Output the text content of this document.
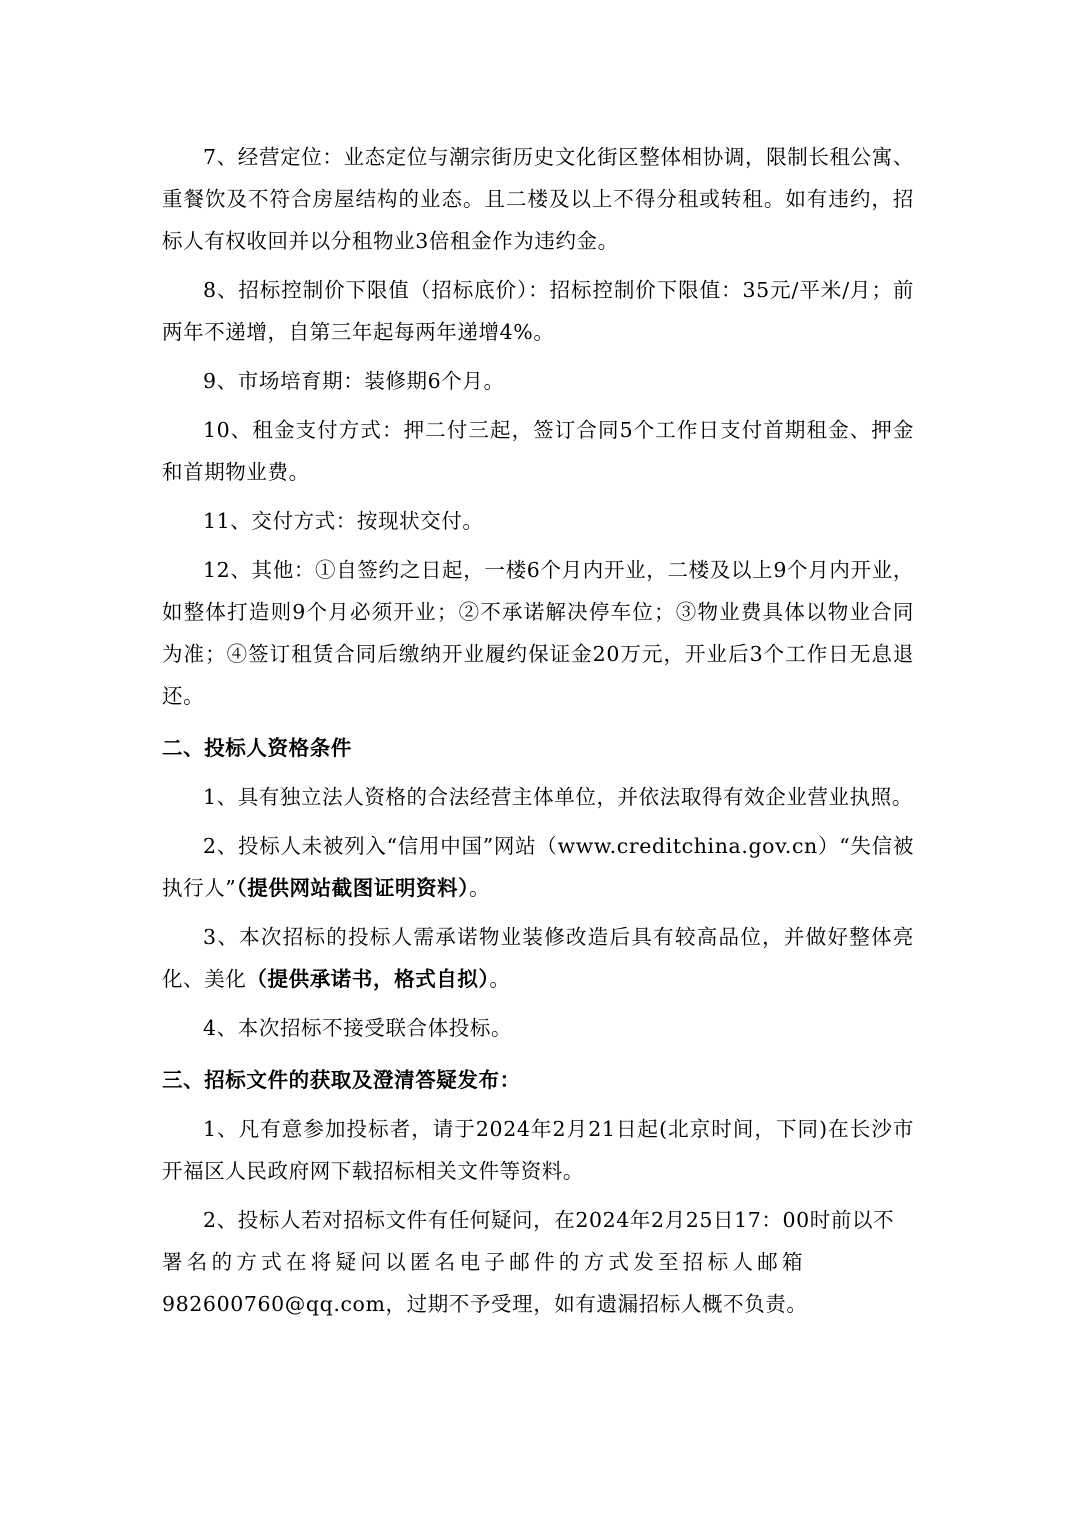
7、经营定位：业态定位与潮宗街历史文化街区整体相协调，限制长租公寓、重餐饮及不符合房屋结构的业态。且二楼及以上不得分租或转租。如有违约，招标人有权收回并以分租物业3倍租金作为违约金。

8、招标控制价下限值（招标底价）：招标控制价下限值：35元/平米/月；前两年不递增，自第三年起每两年递增4%。

9、市场培育期：装修期6个月。

10、租金支付方式：押二付三起，签订合同5个工作日支付首期租金、押金和首期物业费。

11、交付方式：按现状交付。

12、其他：①自签约之日起，一楼6个月内开业，二楼及以上9个月内开业，如整体打造则9个月必须开业；②不承诺解决停车位；③物业费具体以物业合同为准；④签订租赁合同后缴纳开业履约保证金20万元，开业后3个工作日无息退还。

二、投标人资格条件

1、具有独立法人资格的合法经营主体单位，并依法取得有效企业营业执照。

2、投标人未被列入“信用中国”网站（www.creditchina.gov.cn）“失信被执行人”（提供网站截图证明资料）。

3、本次招标的投标人需承诺物业装修改造后具有较高品位，并做好整体亮化、美化（提供承诺书，格式自拟）。

4、本次招标不接受联合体投标。

三、招标文件的获取及澄清答疑发布：

1、凡有意参加投标者，请于2024年2月21日起(北京时间，下同)在长沙市开福区人民政府网下载招标相关文件等资料。

2、投标人若对招标文件有任何疑问，在2024年2月25日17：00时前以不
署名的方式在将疑问以匿名电子邮件的方式发至招标人邮箱
982600760@qq.com，过期不予受理，如有遗漏招标人概不负责。
